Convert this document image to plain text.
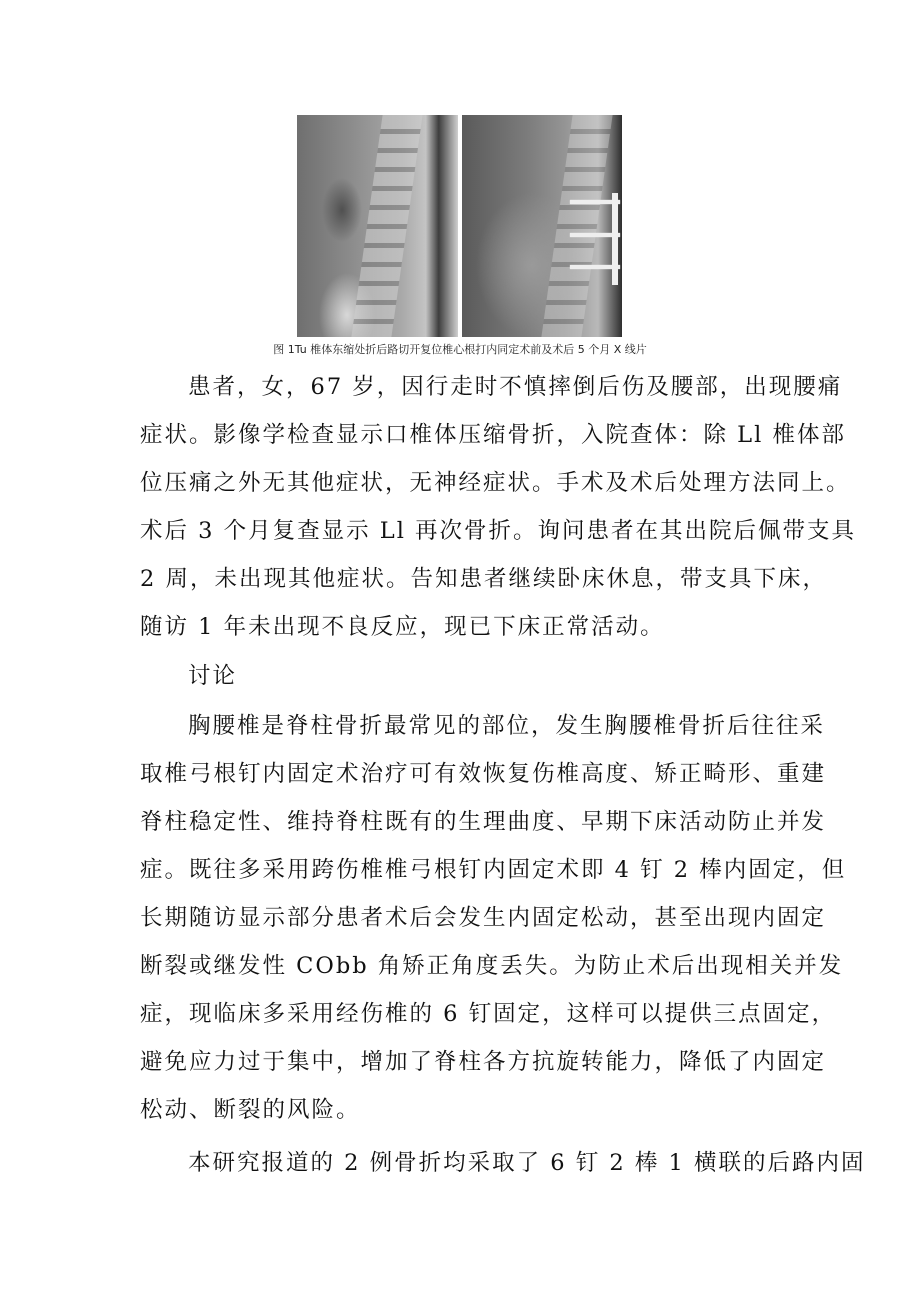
图 1Tu 椎体东缩处折后路切开复位椎心根打内同定术前及术后 5 个月 X 线片
患者，女，67 岁，因行走时不慎摔倒后伤及腰部，出现腰痛
症状。影像学检查显示口椎体压缩骨折，入院查体：除 Ll 椎体部
位压痛之外无其他症状，无神经症状。手术及术后处理方法同上。
术后 3 个月复查显示 Ll 再次骨折。询问患者在其出院后佩带支具
2 周，未出现其他症状。告知患者继续卧床休息，带支具下床，
随访 1 年未出现不良反应，现已下床正常活动。
讨论
胸腰椎是脊柱骨折最常见的部位，发生胸腰椎骨折后往往采
取椎弓根钉内固定术治疗可有效恢复伤椎高度、矫正畸形、重建
脊柱稳定性、维持脊柱既有的生理曲度、早期下床活动防止并发
症。既往多采用跨伤椎椎弓根钉内固定术即 4 钉 2 棒内固定，但
长期随访显示部分患者术后会发生内固定松动，甚至出现内固定
断裂或继发性 CObb 角矫正角度丢失。为防止术后出现相关并发
症，现临床多采用经伤椎的 6 钉固定，这样可以提供三点固定，
避免应力过于集中，增加了脊柱各方抗旋转能力，降低了内固定
松动、断裂的风险。
本研究报道的 2 例骨折均采取了 6 钉 2 棒 1 横联的后路内固
